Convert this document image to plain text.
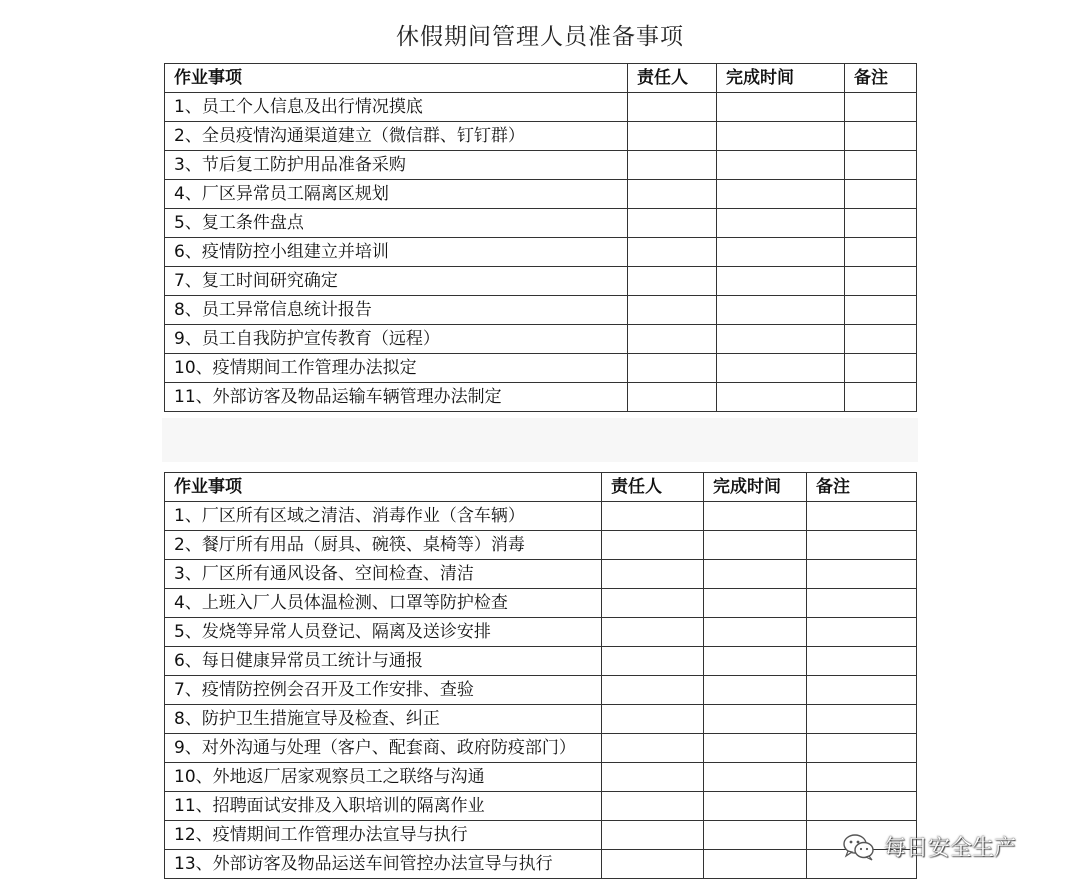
休假期间管理人员准备事项
作业事项	责任人	完成时间	备注
1、员工个人信息及出行情况摸底			
2、全员疫情沟通渠道建立（微信群、钉钉群）			
3、节后复工防护用品准备采购			
4、厂区异常员工隔离区规划			
5、复工条件盘点			
6、疫情防控小组建立并培训			
7、复工时间研究确定			
8、员工异常信息统计报告			
9、员工自我防护宣传教育（远程）			
10、疫情期间工作管理办法拟定			
11、外部访客及物品运输车辆管理办法制定			
作业事项	责任人	完成时间	备注
1、厂区所有区域之清洁、消毒作业（含车辆）			
2、餐厅所有用品（厨具、碗筷、桌椅等）消毒			
3、厂区所有通风设备、空间检查、清洁			
4、上班入厂人员体温检测、口罩等防护检查			
5、发烧等异常人员登记、隔离及送诊安排			
6、每日健康异常员工统计与通报			
7、疫情防控例会召开及工作安排、查验			
8、防护卫生措施宣导及检查、纠正			
9、对外沟通与处理（客户、配套商、政府防疫部门）			
10、外地返厂居家观察员工之联络与沟通			
11、招聘面试安排及入职培训的隔离作业			
12、疫情期间工作管理办法宣导与执行			
13、外部访客及物品运送车间管控办法宣导与执行			
每日安全生产
